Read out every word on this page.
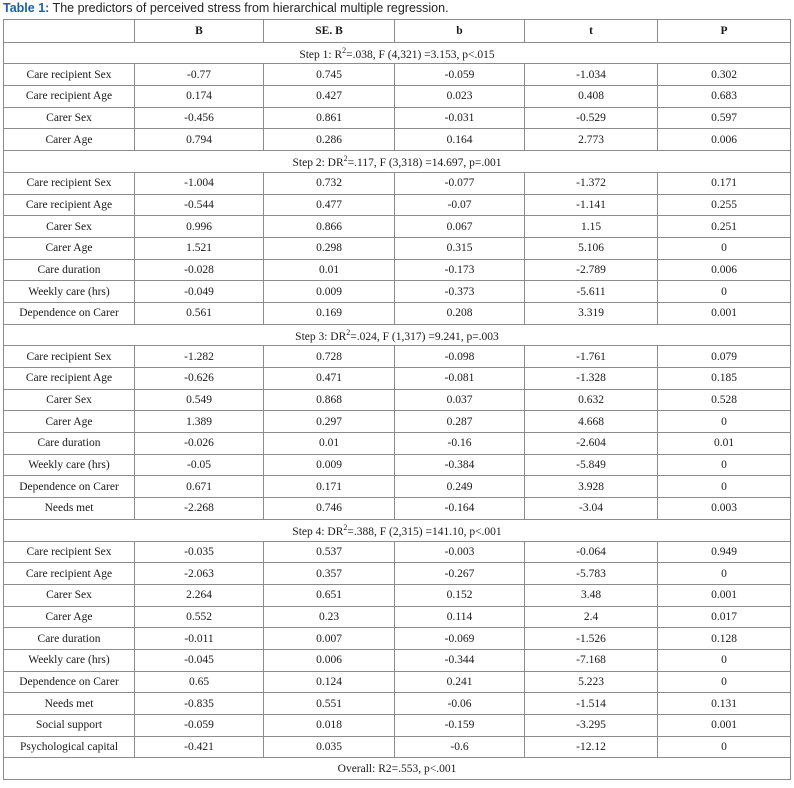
Table 1: The predictors of perceived stress from hierarchical multiple regression.
	B	SE. B	b	t	P
Step 1: $R^2=.038$, F (4,321) =3.153, p<.015					
Care recipient Sex	-0.77	0.745	-0.059	-1.034	0.302
Care recipient Age	0.174	0.427	0.023	0.408	0.683
Carer Sex	-0.456	0.861	-0.031	-0.529	0.597
Carer Age	0.794	0.286	0.164	2.773	0.006
Step 2: $DR^2=.117$, F (3,318) =14.697, p=.001					
Care recipient Sex	-1.004	0.732	-0.077	-1.372	0.171
Care recipient Age	-0.544	0.477	-0.07	-1.141	0.255
Carer Sex	0.996	0.866	0.067	1.15	0.251
Carer Age	1.521	0.298	0.315	5.106	0
Care duration	-0.028	0.01	-0.173	-2.789	0.006
Weekly care (hrs)	-0.049	0.009	-0.373	-5.611	0
Dependence on Carer	0.561	0.169	0.208	3.319	0.001
Step 3: $DR^2=.024$, F (1,317) =9.241, p=.003					
Care recipient Sex	-1.282	0.728	-0.098	-1.761	0.079
Care recipient Age	-0.626	0.471	-0.081	-1.328	0.185
Carer Sex	0.549	0.868	0.037	0.632	0.528
Carer Age	1.389	0.297	0.287	4.668	0
Care duration	-0.026	0.01	-0.16	-2.604	0.01
Weekly care (hrs)	-0.05	0.009	-0.384	-5.849	0
Dependence on Carer	0.671	0.171	0.249	3.928	0
Needs met	-2.268	0.746	-0.164	-3.04	0.003
Step 4: $DR^2=.388$, F (2,315) =141.10, p<.001					
Care recipient Sex	-0.035	0.537	-0.003	-0.064	0.949
Care recipient Age	-2.063	0.357	-0.267	-5.783	0
Carer Sex	2.264	0.651	0.152	3.48	0.001
Carer Age	0.552	0.23	0.114	2.4	0.017
Care duration	-0.011	0.007	-0.069	-1.526	0.128
Weekly care (hrs)	-0.045	0.006	-0.344	-7.168	0
Dependence on Carer	0.65	0.124	0.241	5.223	0
Needs met	-0.835	0.551	-0.06	-1.514	0.131
Social support	-0.059	0.018	-0.159	-3.295	0.001
Psychological capital	-0.421	0.035	-0.6	-12.12	0
Overall: R2=.553, p<.001					
